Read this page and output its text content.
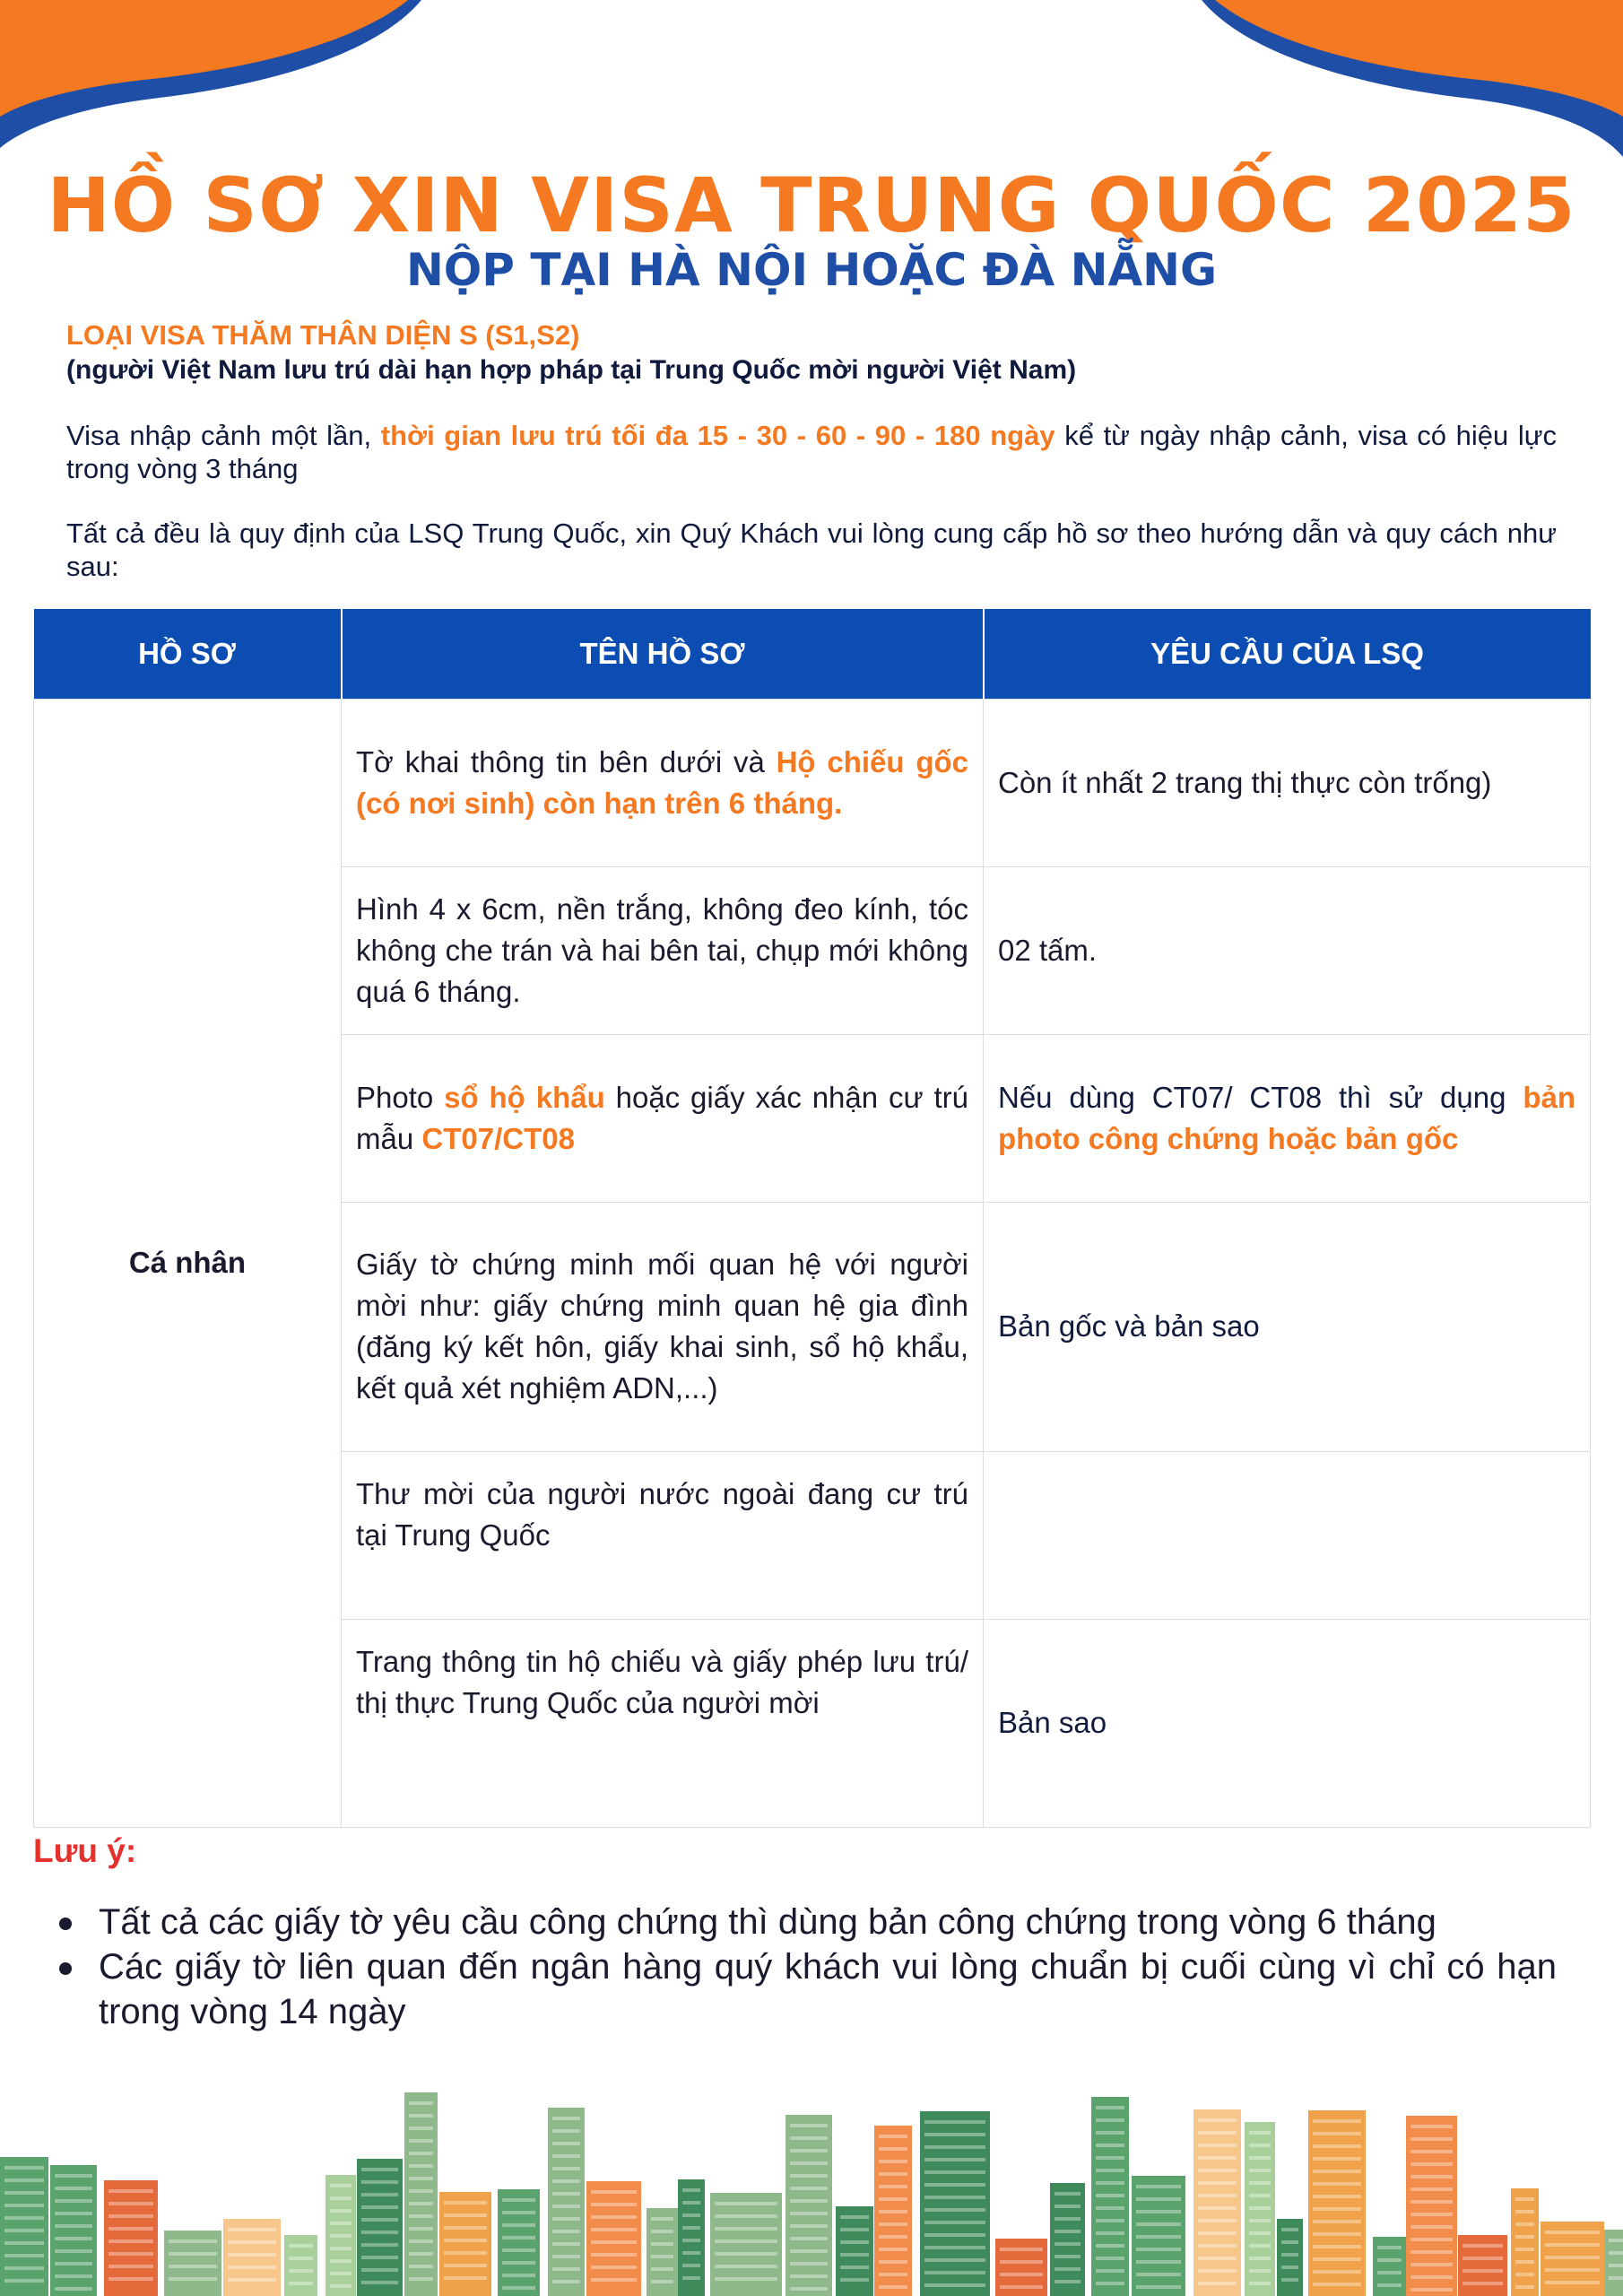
HỒ SƠ XIN VISA TRUNG QUỐC 2025
NỘP TẠI HÀ NỘI HOẶC ĐÀ NẴNG
LOẠI VISA THĂM THÂN DIỆN S (S1,S2)
(người Việt Nam lưu trú dài hạn hợp pháp tại Trung Quốc mời người Việt Nam)
Visa nhập cảnh một lần, thời gian lưu trú tối đa 15 - 30 - 60 - 90 - 180 ngày kể từ ngày nhập cảnh, visa có hiệu lực trong vòng 3 tháng
Tất cả đều là quy định của LSQ Trung Quốc, xin Quý Khách vui lòng cung cấp hồ sơ theo hướng dẫn và quy cách như sau:
HỒ SƠ	TÊN HỒ SƠ	YÊU CẦU CỦA LSQ
Cá nhân	Tờ khai thông tin bên dưới và Hộ chiếu gốc (có nơi sinh) còn hạn trên 6 tháng.	Còn ít nhất 2 trang thị thực còn trống)
	Hình 4 x 6cm, nền trắng, không đeo kính, tóc không che trán và hai bên tai, chụp mới không quá 6 tháng.	02 tấm.
	Photo sổ hộ khẩu hoặc giấy xác nhận cư trú mẫu CT07/CT08	Nếu dùng CT07/ CT08 thì sử dụng bản photo công chứng hoặc bản gốc
	Giấy tờ chứng minh mối quan hệ với người mời như: giấy chứng minh quan hệ gia đình (đăng ký kết hôn, giấy khai sinh, sổ hộ khẩu, kết quả xét nghiệm ADN,...)	Bản gốc và bản sao
	Thư mời của người nước ngoài đang cư trú tại Trung Quốc	
	Trang thông tin hộ chiếu và giấy phép lưu trú/ thị thực Trung Quốc của người mời	Bản sao
Lưu ý:
Tất cả các giấy tờ yêu cầu công chứng thì dùng bản công chứng trong vòng 6 tháng
Các giấy tờ liên quan đến ngân hàng quý khách vui lòng chuẩn bị cuối cùng vì chỉ có hạn trong vòng 14 ngày
